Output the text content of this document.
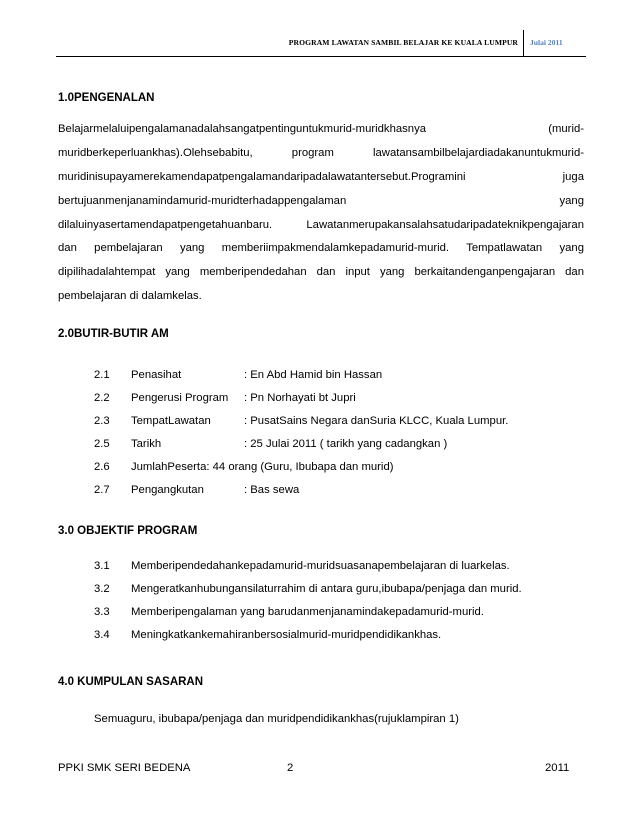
PROGRAM LAWATAN SAMBIL BELAJAR KE KUALA LUMPUR Julai 2011
1.0PENGENALAN
Belajarmelaluipengalamanadalahsangatpentinguntukmurid-muridkhasnya (murid-
muridberkeperluankhas).Olehsebabitu, program lawatansambilbelajardiadakanuntukmurid-
muridinisupayamerekamendapatpengalamandaripadalawatantersebut.Programini juga
bertujuanmenjanamindamurid-muridterhadappengalaman yang
dilaluinyasertamendapatpengetahuanbaru. Lawatanmerupakansalahsatudaripadateknikpengajaran
dan pembelajaran yang memberiimpakmendalamkepadamurid-murid. Tempatlawatan yang
dipilihadalahtempat yang memberipendedahan dan input yang berkaitandenganpengajaran dan
pembelajaran di dalamkelas.
2.0BUTIR-BUTIR AM
2.1 Penasihat	: En Abd Hamid bin Hassan
2.2 Pengerusi Program : Pn Norhayati bt Jupri
2.3 TempatLawatan	: PusatSains Negara danSuria KLCC, Kuala Lumpur.
2.5 Tarikh	: 25 Julai 2011 ( tarikh yang cadangkan )
2.6 JumlahPeserta: 44 orang (Guru, Ibubapa dan murid)
2.7 Pengangkutan	: Bas sewa
3.0 OBJEKTIF PROGRAM
3.1 Memberipendedahankepadamurid-muridsuasanapembelajaran di luarkelas.
3.2 Mengeratkanhubungansilaturrahim di antara guru,ibubapa/penjaga dan murid.
3.3 Memberipengalaman yang barudanmenjanamindakepadamurid-murid.
3.4 Meningkatkankemahiranbersosialmurid-muridpendidikankhas.
4.0 KUMPULAN SASARAN
Semuaguru, ibubapa/penjaga dan muridpendidikankhas(rujuklampiran 1)
PPKI SMK SERI BEDENA	2	2011
